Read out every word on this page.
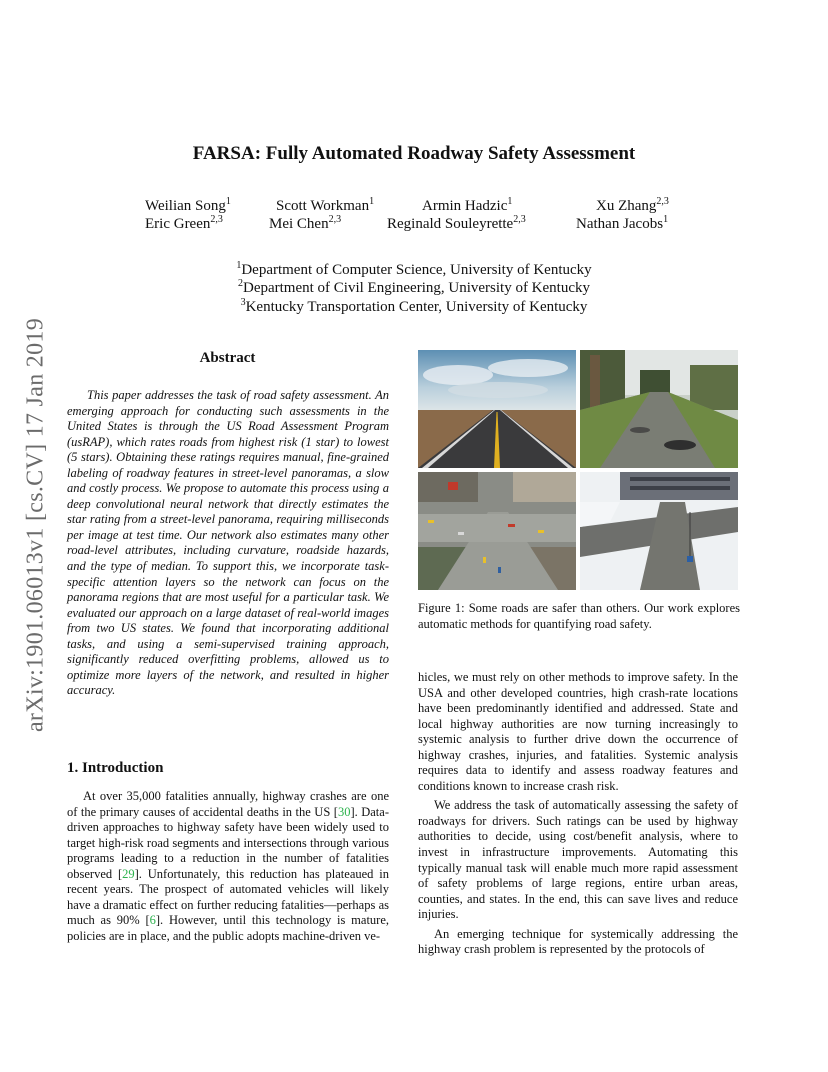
arXiv:1901.06013v1 [cs.CV] 17 Jan 2019
FARSA: Fully Automated Roadway Safety Assessment
Weilian Song$^1$	Scott Workman$^1$	Armin Hadzic$^1$	Xu Zhang$^{2,3}$
Eric Green$^{2,3}$	Mei Chen$^{2,3}$	Reginald Souleyrette$^{2,3}$	Nathan Jacobs$^1$
$^1$Department of Computer Science, University of Kentucky
$^2$Department of Civil Engineering, University of Kentucky
$^3$Kentucky Transportation Center, University of Kentucky
Abstract
This paper addresses the task of road safety assessment. An emerging approach for conducting such assessments in the United States is through the US Road Assessment Program (usRAP), which rates roads from highest risk (1 star) to lowest (5 stars). Obtaining these ratings requires manual, fine-grained labeling of roadway features in street-level panoramas, a slow and costly process. We propose to automate this process using a deep convolutional neural network that directly estimates the star rating from a street-level panorama, requiring milliseconds per image at test time. Our network also estimates many other road-level attributes, including curvature, roadside hazards, and the type of median. To support this, we incorporate task-specific attention layers so the network can focus on the panorama regions that are most useful for a particular task. We evaluated our approach on a large dataset of real-world images from two US states. We found that incorporating additional tasks, and using a semi-supervised training approach, significantly reduced overfitting problems, allowed us to optimize more layers of the network, and resulted in higher accuracy.
1. Introduction

At over 35,000 fatalities annually, highway crashes are one of the primary causes of accidental deaths in the US [30]. Data-driven approaches to highway safety have been widely used to target high-risk road segments and intersections through various programs leading to a reduction in the number of fatalities observed [29]. Unfortunately, this reduction has plateaued in recent years. The prospect of automated vehicles will likely have a dramatic effect on further reducing fatalities—perhaps as much as 90% [6]. However, until this technology is mature, policies are in place, and the public adopts machine-driven ve-

Figure 1: Some roads are safer than others. Our work explores automatic methods for quantifying road safety.

hicles, we must rely on other methods to improve safety. In the USA and other developed countries, high crash-rate locations have been predominantly identified and addressed. State and local highway authorities are now turning increasingly to systemic analysis to further drive down the occurrence of highway crashes, injuries, and fatalities. Systemic analysis requires data to identify and assess roadway features and conditions known to increase crash risk.

We address the task of automatically assessing the safety of roadways for drivers. Such ratings can be used by highway authorities to decide, using cost/benefit analysis, where to invest in infrastructure improvements. Automating this typically manual task will enable much more rapid assessment of safety problems of large regions, entire urban areas, counties, and states. In the end, this can save lives and reduce injuries.

An emerging technique for systemically addressing the highway crash problem is represented by the protocols of
